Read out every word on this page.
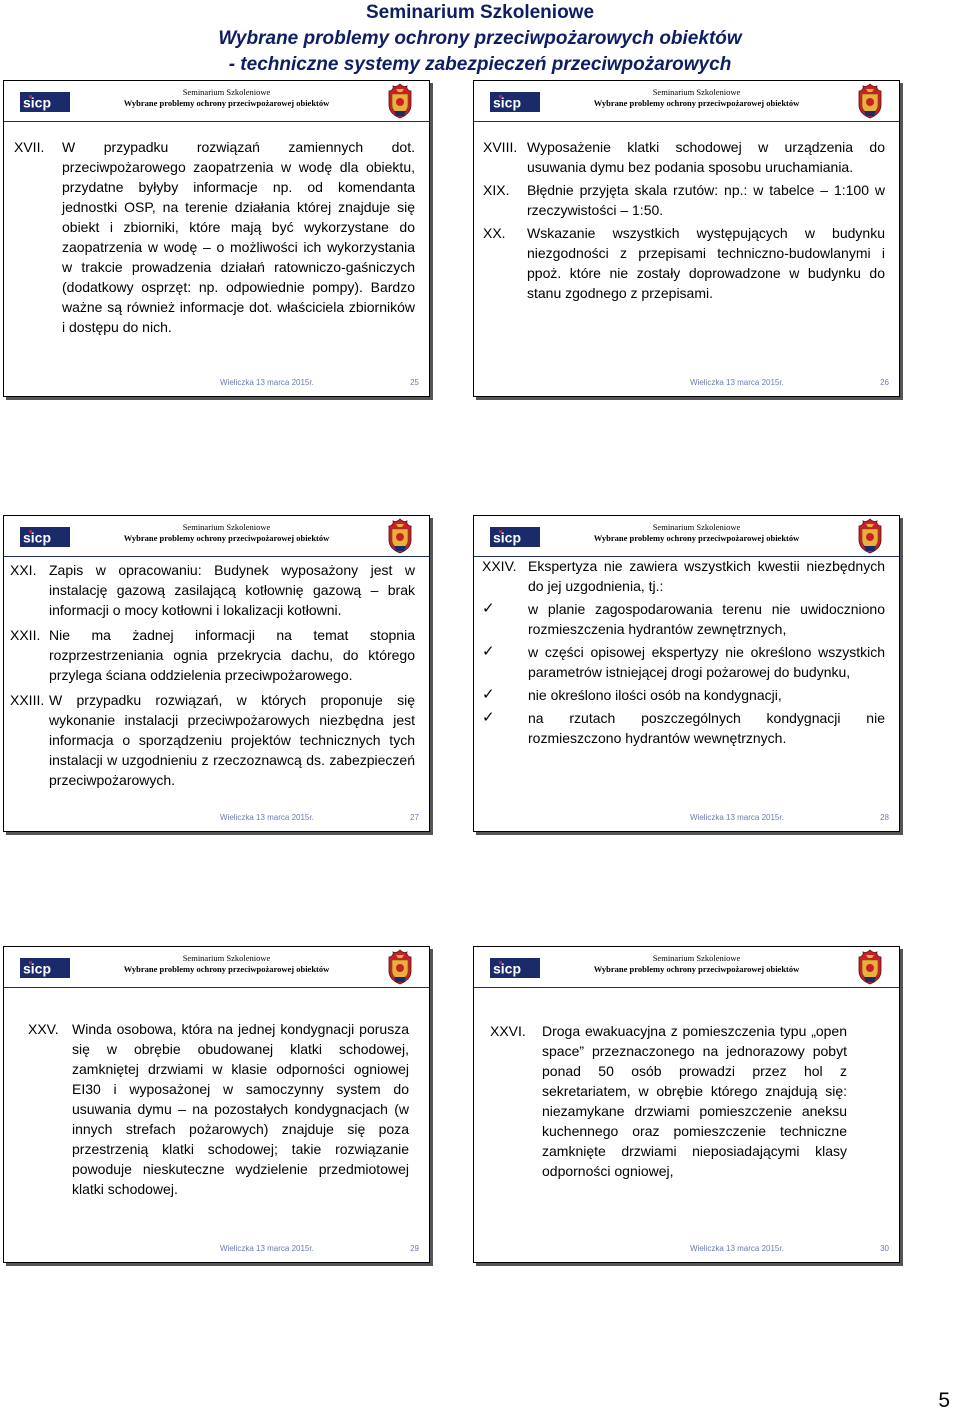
Seminarium Szkoleniowe
Wybrane problemy ochrony przeciwpożarowych obiektów
- techniczne systemy zabezpieczeń przeciwpożarowych
Seminarium Szkoleniowe
Wybrane problemy ochrony przeciwpożarowej obiektów
XVII.	W przypadku rozwiązań zamiennych dot. przeciwpożarowego zaopatrzenia w wodę dla obiektu, przydatne byłyby informacje np. od komendanta jednostki OSP, na terenie działania której znajduje się obiekt i zbiorniki, które mają być wykorzystane do zaopatrzenia w wodę – o możliwości ich wykorzystania w trakcie prowadzenia działań ratowniczo-gaśniczych (dodatkowy osprzęt: np. odpowiednie pompy). Bardzo ważne są również informacje dot. właściciela zbiorników i dostępu do nich.
Wieliczka 13 marca 2015r.	25
Seminarium Szkoleniowe
Wybrane problemy ochrony przeciwpożarowej obiektów
XVIII. Wyposażenie klatki schodowej w urządzenia do usuwania dymu bez podania sposobu uruchamiania.
XIX.	Błędnie przyjęta skala rzutów: np.: w tabelce – 1:100 w rzeczywistości – 1:50.
XX.	Wskazanie wszystkich występujących w budynku niezgodności z przepisami techniczno-budowlanymi i ppoż. które nie zostały doprowadzone w budynku do stanu zgodnego z przepisami.
Wieliczka 13 marca 2015r.	26
Seminarium Szkoleniowe
Wybrane problemy ochrony przeciwpożarowej obiektów
XXI. Zapis w opracowaniu: Budynek wyposażony jest w instalację gazową zasilającą kotłownię gazową – brak informacji o mocy kotłowni i lokalizacji kotłowni.
XXII. Nie ma żadnej informacji na temat stopnia rozprzestrzeniania ognia przekrycia dachu, do którego przylega ściana oddzielenia przeciwpożarowego.
XXIII. W przypadku rozwiązań, w których proponuje się wykonanie instalacji przeciwpożarowych niezbędna jest informacja o sporządzeniu projektów technicznych tych instalacji w uzgodnieniu z rzeczoznawcą ds. zabezpieczeń przeciwpożarowych.
Wieliczka 13 marca 2015r.	27
Seminarium Szkoleniowe
Wybrane problemy ochrony przeciwpożarowej obiektów
XXIV. Ekspertyza nie zawiera wszystkich kwestii niezbędnych do jej uzgodnienia, tj.:
✓	w planie zagospodarowania terenu nie uwidoczniono rozmieszczenia hydrantów zewnętrznych,
✓	w części opisowej ekspertyzy nie określono wszystkich parametrów istniejącej drogi pożarowej do budynku,
✓	nie określono ilości osób na kondygnacji,
✓	na rzutach poszczególnych kondygnacji nie rozmieszczono hydrantów wewnętrznych.
Wieliczka 13 marca 2015r.	28
Seminarium Szkoleniowe
Wybrane problemy ochrony przeciwpożarowej obiektów
XXV. Winda osobowa, która na jednej kondygnacji porusza się w obrębie obudowanej klatki schodowej, zamkniętej drzwiami w klasie odporności ogniowej EI30 i wyposażonej w samoczynny system do usuwania dymu – na pozostałych kondygnacjach (w innych strefach pożarowych) znajduje się poza przestrzenią klatki schodowej; takie rozwiązanie powoduje nieskuteczne wydzielenie przedmiotowej klatki schodowej.
Wieliczka 13 marca 2015r.	29
Seminarium Szkoleniowe
Wybrane problemy ochrony przeciwpożarowej obiektów
XXVI.	Droga ewakuacyjna z pomieszczenia typu „open space” przeznaczonego na jednorazowy pobyt ponad 50 osób prowadzi przez hol z sekretariatem, w obrębie którego znajdują się: niezamykane drzwiami pomieszczenie aneksu kuchennego oraz pomieszczenie techniczne zamknięte drzwiami nieposiadającymi klasy odporności ogniowej,
Wieliczka 13 marca 2015r.	30
5
